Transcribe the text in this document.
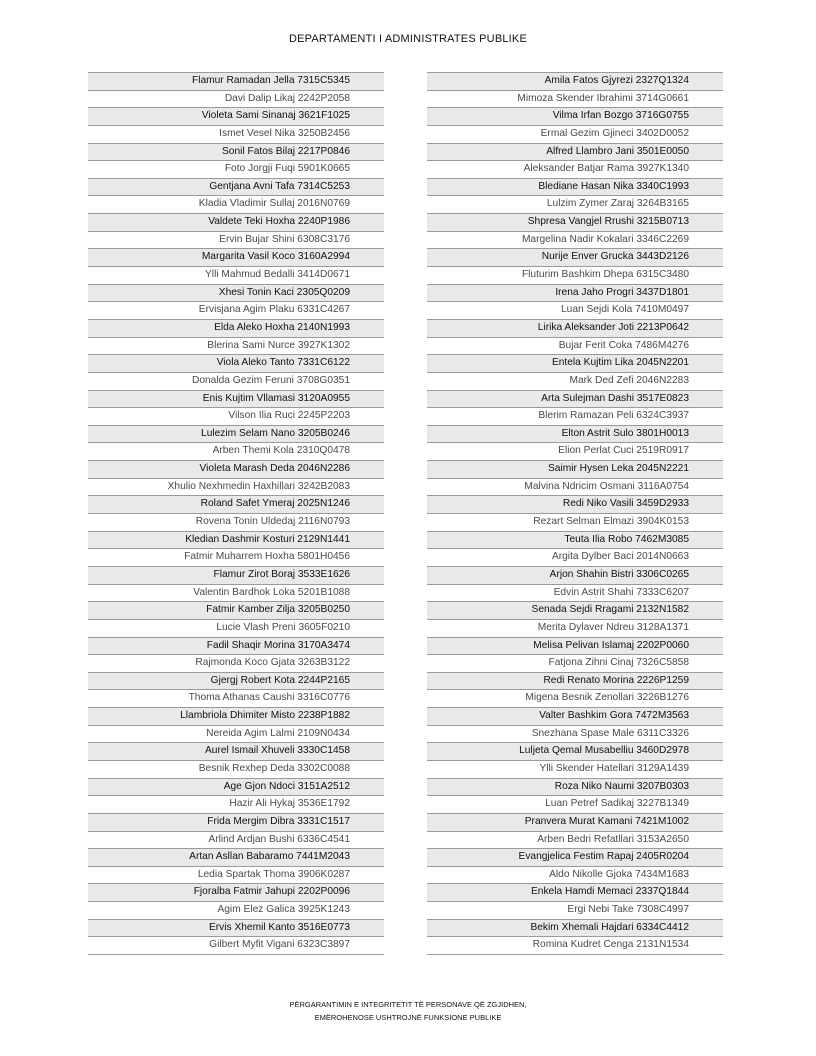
DEPARTAMENTI I ADMINISTRATES PUBLIKE
Flamur Ramadan Jella 7315C5345
Davi Dalip Likaj 2242P2058
Violeta Sami Sinanaj 3621F1025
Ismet Vesel Nika 3250B2456
Sonil Fatos Bilaj 2217P0846
Foto Jorgji Fuqi 5901K0665
Gentjana Avni Tafa 7314C5253
Kladia Vladimir Sullaj 2016N0769
Valdete Teki Hoxha 2240P1986
Ervin Bujar Shini 6308C3176
Margarita Vasil Koco 3160A2994
Ylli Mahmud Bedalli 3414D0671
Xhesi Tonin Kaci 2305Q0209
Ervisjana Agim Plaku 6331C4267
Elda Aleko Hoxha 2140N1993
Blerina Sami Nurce 3927K1302
Viola Aleko Tanto 7331C6122
Donalda Gezim Feruni 3708G0351
Enis Kujtim Vllamasi 3120A0955
Vilson Ilia Ruci 2245P2203
Lulezim Selam Nano 3205B0246
Arben Themi Kola 2310Q0478
Violeta Marash Deda 2046N2286
Xhulio Nexhmedin Haxhillari 3242B2083
Roland Safet Ymeraj 2025N1246
Rovena Tonin Uldedaj 2116N0793
Kledian Dashmir Kosturi 2129N1441
Fatmir Muharrem Hoxha 5801H0456
Flamur Zirot Boraj 3533E1626
Valentin Bardhok Loka 5201B1088
Fatmir Kamber Zilja 3205B0250
Lucie Vlash Preni 3605F0210
Fadil Shaqir Morina 3170A3474
Rajmonda Koco Gjata 3263B3122
Gjergj Robert Kota 2244P2165
Thoma Athanas Caushi 3316C0776
Llambriola Dhimiter Misto 2238P1882
Nereida Agim Lalmi 2109N0434
Aurel Ismail Xhuveli 3330C1458
Besnik Rexhep Deda 3302C0088
Age Gjon Ndoci 3151A2512
Hazir Ali Hykaj 3536E1792
Frida Mergim Dibra 3331C1517
Arlind Ardjan Bushi 6336C4541
Artan Asllan Babaramo 7441M2043
Ledia Spartak Thoma 3906K0287
Fjoralba Fatmir Jahupi 2202P0096
Agim Elez Galica 3925K1243
Ervis Xhemil Kanto 3516E0773
Gilbert Myfit Vigani 6323C3897
Amila Fatos Gjyrezi 2327Q1324
Mimoza Skender Ibrahimi 3714G0661
Vilma Irfan Bozgo 3716G0755
Ermal Gezim Gjineci 3402D0052
Alfred Llambro Jani 3501E0050
Aleksander Batjar Rama 3927K1340
Blediane Hasan Nika 3340C1993
Lulzim Zymer Zaraj 3264B3165
Shpresa Vangjel Rrushi 3215B0713
Margelina Nadir Kokalari 3346C2269
Nurije Enver Grucka 3443D2126
Fluturim Bashkim Dhepa 6315C3480
Irena Jaho Progri 3437D1801
Luan Sejdi Kola 7410M0497
Lirika Aleksander Joti 2213P0642
Bujar Ferit Coka 7486M4276
Entela Kujtim Lika 2045N2201
Mark Ded Zefi 2046N2283
Arta Sulejman Dashi 3517E0823
Blerim Ramazan Peli 6324C3937
Elton Astrit Sulo 3801H0013
Elion Perlat Cuci 2519R0917
Saimir Hysen Leka 2045N2221
Malvina Ndricim Osmani 3116A0754
Redi Niko Vasili 3459D2933
Rezart Selman Elmazi 3904K0153
Teuta Ilia Robo 7462M3085
Argita Dylber Baci 2014N0663
Arjon Shahin Bistri 3306C0265
Edvin Astrit Shahi 7333C6207
Senada Sejdi Rragami 2132N1582
Merita Dylaver Ndreu 3128A1371
Melisa Pelivan Islamaj 2202P0060
Fatjona Zihni Cinaj 7326C5858
Redi Renato Morina 2226P1259
Migena Besnik Zenollari 3226B1276
Valter Bashkim Gora 7472M3563
Snezhana Spase Male 6311C3326
Luljeta Qemal Musabelliu 3460D2978
Ylli Skender Hatellari 3129A1439
Roza Niko Naumi 3207B0303
Luan Petref Sadikaj 3227B1349
Pranvera Murat Kamani 7421M1002
Arben Bedri Refatllari 3153A2650
Evangjelica Festim Rapaj 2405R0204
Aldo Nikolle Gjoka 7434M1683
Enkela Hamdi Memaci 2337Q1844
Ergi Nebi Take 7308C4997
Bekim Xhemali Hajdari 6334C4412
Romina Kudret Cenga 2131N1534
PËRGARANTIMIN E INTEGRITETIT TË PERSONAVE QË ZGJIDHEN,
EMËROHENOSE USHTROJNË FUNKSIONE PUBLIKE
